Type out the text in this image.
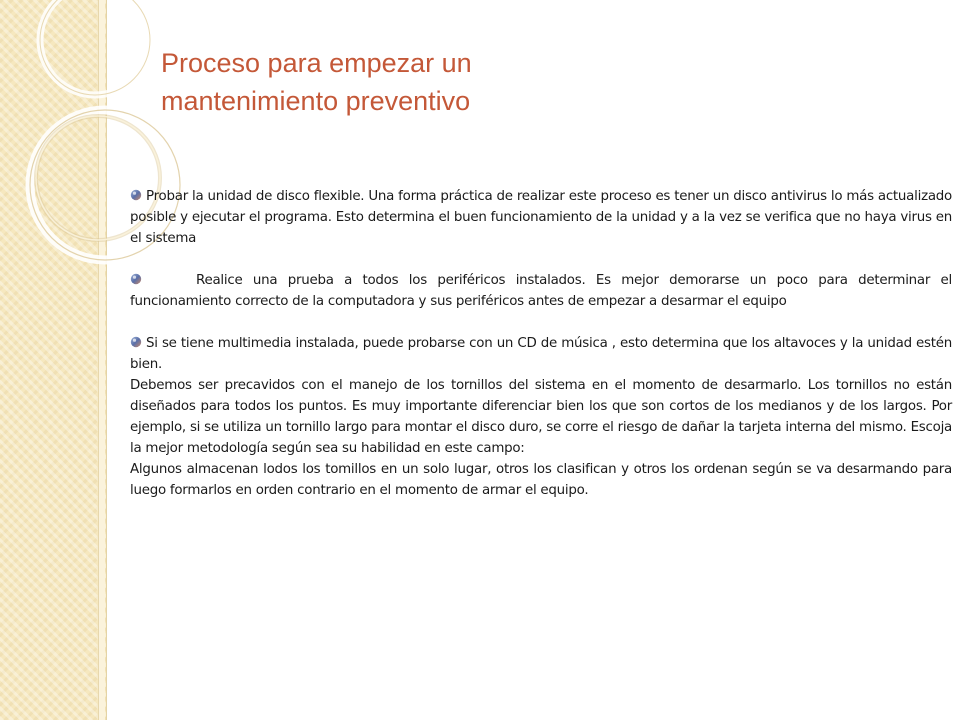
Proceso para empezar un
mantenimiento preventivo

Probar la unidad de disco flexible. Una forma práctica de realizar este proceso es tener un disco antivirus lo más actualizado posible y ejecutar el programa. Esto determina el buen funcionamiento de la unidad y a la vez se verifica que no haya virus en el sistema

Realice una prueba a todos los periféricos instalados. Es mejor demorarse un poco para determinar el funcionamiento correcto de la computadora y sus periféricos antes de empezar a desarmar el equipo

Si se tiene multimedia instalada, puede probarse con un CD de música , esto determina que los altavoces y la unidad estén bien.

Debemos ser precavidos con el manejo de los tornillos del sistema en el momento de desarmarlo. Los tornillos no están diseñados para todos los puntos. Es muy importante diferenciar bien los que son cortos de los medianos y de los largos. Por ejemplo, si se utiliza un tornillo largo para montar el disco duro, se corre el riesgo de dañar la tarjeta interna del mismo. Escoja la mejor metodología según sea su habilidad en este campo:

Algunos almacenan lodos los tomillos en un solo lugar, otros los clasifican y otros los ordenan según se va desarmando para luego formarlos en orden contrario en el momento de armar el equipo.
